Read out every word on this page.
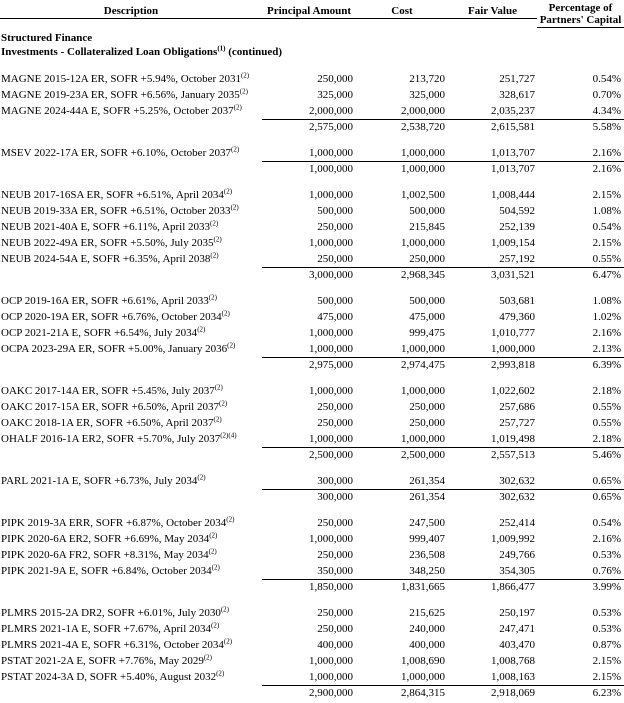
Description	Principal Amount	Cost	Fair Value	Percentage of
Partners' Capital
Structured Finance
Investments - Collateralized Loan Obligations$^{(1)}$ (continued)
MAGNE 2015-12A ER, SOFR +5.94%, October 2031$^{(2)}$	250,000	213,720	251,727	0.54%
MAGNE 2019-23A ER, SOFR +6.56%, January 2035$^{(2)}$	325,000	325,000	328,617	0.70%
MAGNE 2024-44A E, SOFR +5.25%, October 2037$^{(2)}$	2,000,000	2,000,000	2,035,237	4.34%
2,575,000	2,538,720	2,615,581	5.58%
MSEV 2022-17A ER, SOFR +6.10%, October 2037$^{(2)}$	1,000,000	1,000,000	1,013,707	2.16%
1,000,000	1,000,000	1,013,707	2.16%
NEUB 2017-16SA ER, SOFR +6.51%, April 2034$^{(2)}$	1,000,000	1,002,500	1,008,444	2.15%
NEUB 2019-33A ER, SOFR +6.51%, October 2033$^{(2)}$	500,000	500,000	504,592	1.08%
NEUB 2021-40A E, SOFR +6.11%, April 2033$^{(2)}$	250,000	215,845	252,139	0.54%
NEUB 2022-49A ER, SOFR +5.50%, July 2035$^{(2)}$	1,000,000	1,000,000	1,009,154	2.15%
NEUB 2024-54A E, SOFR +6.35%, April 2038$^{(2)}$	250,000	250,000	257,192	0.55%
3,000,000	2,968,345	3,031,521	6.47%
OCP 2019-16A ER, SOFR +6.61%, April 2033$^{(2)}$	500,000	500,000	503,681	1.08%
OCP 2020-19A ER, SOFR +6.76%, October 2034$^{(2)}$	475,000	475,000	479,360	1.02%
OCP 2021-21A E, SOFR +6.54%, July 2034$^{(2)}$	1,000,000	999,475	1,010,777	2.16%
OCPA 2023-29A ER, SOFR +5.00%, January 2036$^{(2)}$	1,000,000	1,000,000	1,000,000	2.13%
2,975,000	2,974,475	2,993,818	6.39%
OAKC 2017-14A ER, SOFR +5.45%, July 2037$^{(2)}$	1,000,000	1,000,000	1,022,602	2.18%
OAKC 2017-15A ER, SOFR +6.50%, April 2037$^{(2)}$	250,000	250,000	257,686	0.55%
OAKC 2018-1A ER, SOFR +6.50%, April 2037$^{(2)}$	250,000	250,000	257,727	0.55%
OHALF 2016-1A ER2, SOFR +5.70%, July 2037$^{(2)(4)}$	1,000,000	1,000,000	1,019,498	2.18%
2,500,000	2,500,000	2,557,513	5.46%
PARL 2021-1A E, SOFR +6.73%, July 2034$^{(2)}$	300,000	261,354	302,632	0.65%
300,000	261,354	302,632	0.65%
PIPK 2019-3A ERR, SOFR +6.87%, October 2034$^{(2)}$	250,000	247,500	252,414	0.54%
PIPK 2020-6A ER2, SOFR +6.69%, May 2034$^{(2)}$	1,000,000	999,407	1,009,992	2.16%
PIPK 2020-6A FR2, SOFR +8.31%, May 2034$^{(2)}$	250,000	236,508	249,766	0.53%
PIPK 2021-9A E, SOFR +6.84%, October 2034$^{(2)}$	350,000	348,250	354,305	0.76%
1,850,000	1,831,665	1,866,477	3.99%
PLMRS 2015-2A DR2, SOFR +6.01%, July 2030$^{(2)}$	250,000	215,625	250,197	0.53%
PLMRS 2021-1A E, SOFR +7.67%, April 2034$^{(2)}$	250,000	240,000	247,471	0.53%
PLMRS 2021-4A E, SOFR +6.31%, October 2034$^{(2)}$	400,000	400,000	403,470	0.87%
PSTAT 2021-2A E, SOFR +7.76%, May 2029$^{(2)}$	1,000,000	1,008,690	1,008,768	2.15%
PSTAT 2024-3A D, SOFR +5.40%, August 2032$^{(2)}$	1,000,000	1,000,000	1,008,163	2.15%
2,900,000	2,864,315	2,918,069	6.23%
